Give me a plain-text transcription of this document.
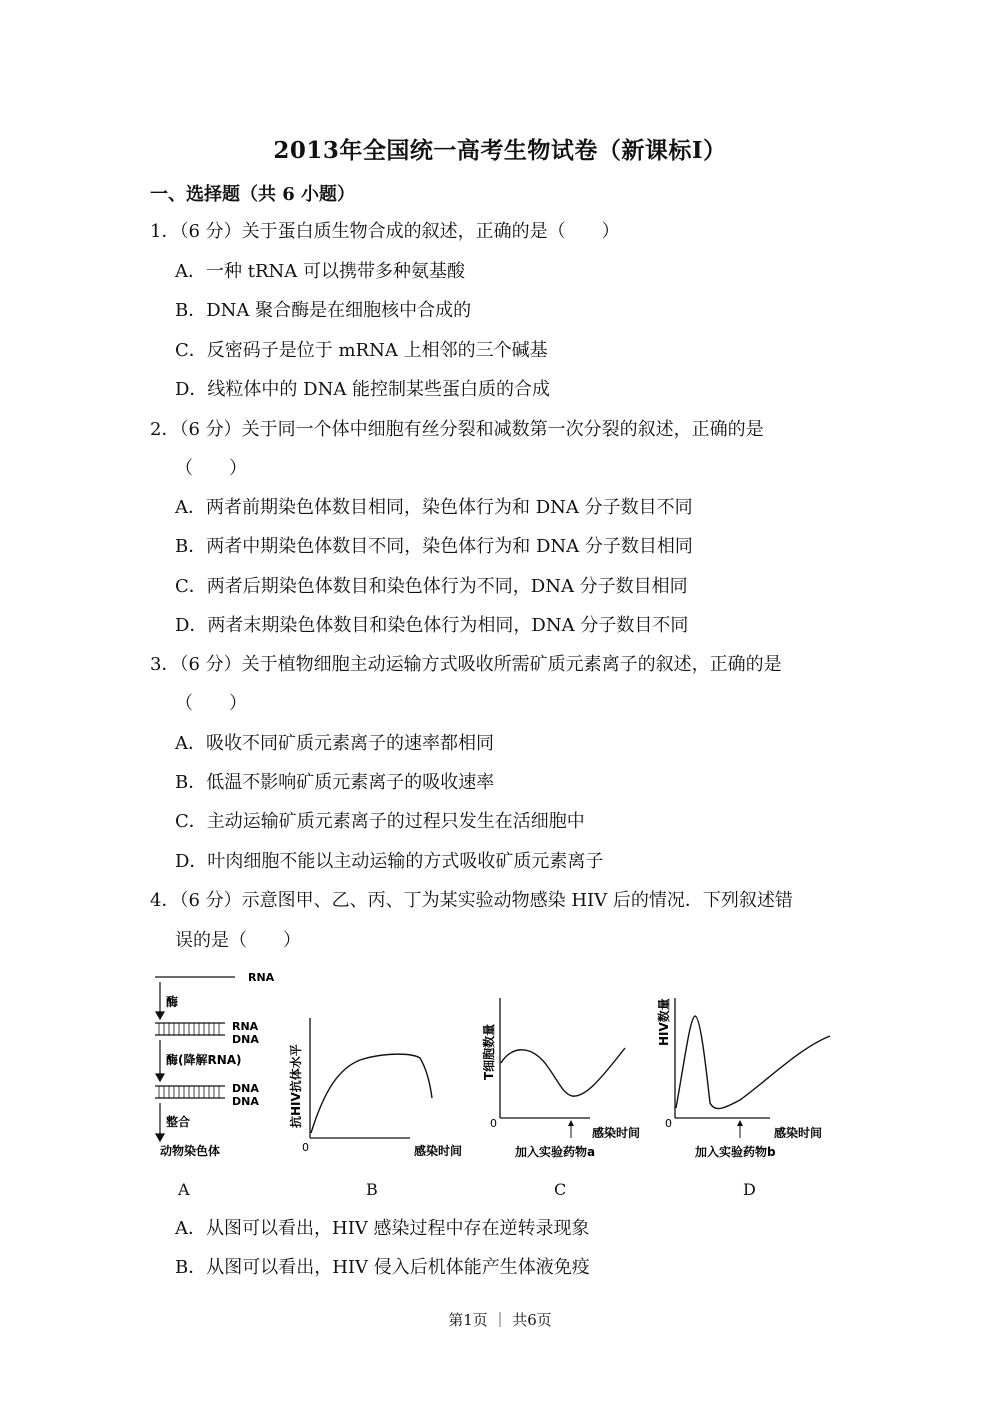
2013年全国统一高考生物试卷（新课标I）
一、选择题（共 6 小题）
1．（6 分）关于蛋白质生物合成的叙述，正确的是（　　）
A．一种 tRNA 可以携带多种氨基酸
B．DNA 聚合酶是在细胞核中合成的
C．反密码子是位于 mRNA 上相邻的三个碱基
D．线粒体中的 DNA 能控制某些蛋白质的合成
2．（6 分）关于同一个体中细胞有丝分裂和减数第一次分裂的叙述，正确的是
（　　）
A．两者前期染色体数目相同，染色体行为和 DNA 分子数目不同
B．两者中期染色体数目不同，染色体行为和 DNA 分子数目相同
C．两者后期染色体数目和染色体行为不同，DNA 分子数目相同
D．两者末期染色体数目和染色体行为相同，DNA 分子数目不同
3．（6 分）关于植物细胞主动运输方式吸收所需矿质元素离子的叙述，正确的是
（　　）
A．吸收不同矿质元素离子的速率都相同
B．低温不影响矿质元素离子的吸收速率
C．主动运输矿质元素离子的过程只发生在活细胞中
D．叶肉细胞不能以主动运输的方式吸收矿质元素离子
4．（6 分）示意图甲、乙、丙、丁为某实验动物感染 HIV 后的情况．下列叙述错
误的是（　　）
RNA
酶
RNA
DNA
酶(降解RNA)
DNA
DNA
整合
动物染色体
抗HIV抗体水平
0	感染时间
T细胞数量
0
感染时间
加入实验药物a
HIV数量
0
感染时间
加入实验药物b
A	B	C	D
A．从图可以看出，HIV 感染过程中存在逆转录现象
B．从图可以看出，HIV 侵入后机体能产生体液免疫
第1页 ｜ 共6页
